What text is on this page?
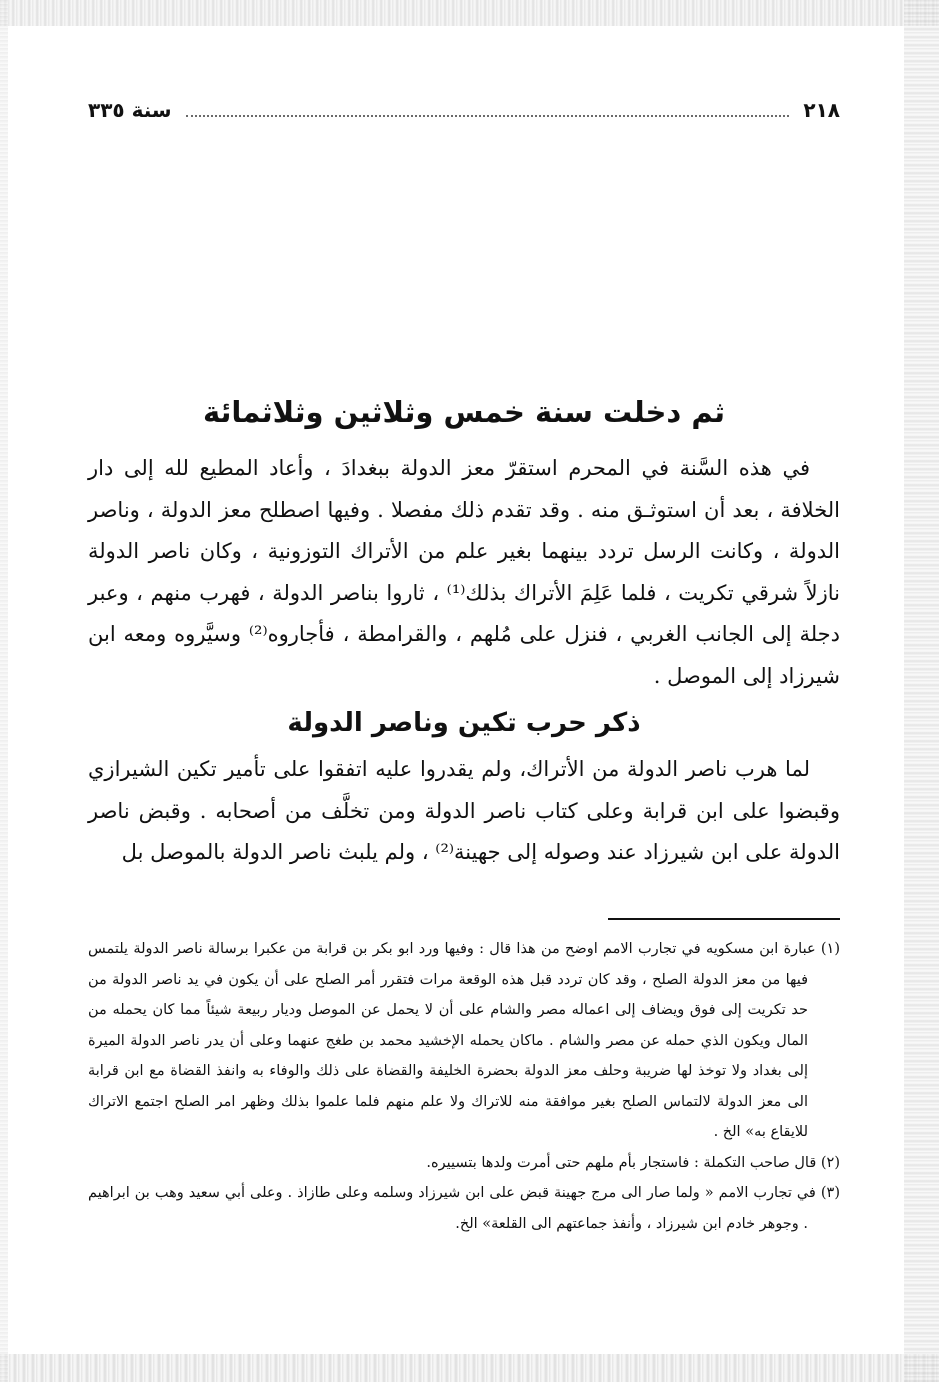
٢١٨
سنة ٣٣٥
ثم دخلت سنة خمس وثلاثين وثلاثمائة

في هذه السَّنة في المحرم استقرّ معز الدولة ببغدادَ ، وأعاد المطيع لله إلى دار الخلافة ، بعد أن استوثـق منه . وقد تقدم ذلك مفصلا . وفيها اصطلح معز الدولة ، وناصر الدولة ، وكانت الرسل تردد بينهما بغير علم من الأتراك التوزونية ، وكان ناصر الدولة نازلاً شرقي تكريت ، فلما عَلِمَ الأتراك بذلك⁽¹⁾ ، ثاروا بناصر الدولة ، فهرب منهم ، وعبر دجلة إلى الجانب الغربي ، فنزل على مُلهم ، والقرامطة ، فأجاروه⁽²⁾ وسيَّروه ومعه ابن شيرزاد إلى الموصل .

ذكر حرب تكين وناصر الدولة

لما هرب ناصر الدولة من الأتراك، ولم يقدروا عليه اتفقوا على تأمير تكين الشيرازي وقبضوا على ابن قرابة وعلى كتاب ناصر الدولة ومن تخلَّف من أصحابه . وقبض ناصر الدولة على ابن شيرزاد عند وصوله إلى جهينة⁽²⁾ ، ولم يلبث ناصر الدولة بالموصل بل

(١) عبارة ابن مسكويه في تجارب الامم اوضح من هذا قال : وفيها ورد ابو بكر بن قرابة من عكبرا برسالة ناصر الدولة يلتمس فيها من معز الدولة الصلح ، وقد كان تردد قبل هذه الوقعة مرات فتقرر أمر الصلح على أن يكون في يد ناصر الدولة من حد تكريت إلى فوق ويضاف إلى اعماله مصر والشام على أن لا يحمل عن الموصل وديار ربيعة شيئاً مما كان يحمله من المال ويكون الذي حمله عن مصر والشام . ماكان يحمله الإخشيد محمد بن طغج عنهما وعلى أن يدر ناصر الدولة الميرة إلى بغداد ولا توخذ لها ضريبة وحلف معز الدولة بحضرة الخليفة والقضاة على ذلك والوفاء به وانفذ القضاة مع ابن قرابة الى معز الدولة لالتماس الصلح بغير موافقة منه للاتراك ولا علم منهم فلما علموا بذلك وظهر امر الصلح اجتمع الاتراك للايقاع به» الخ .

(٢) قال صاحب التكملة : فاستجار بأم ملهم حتى أمرت ولدها بتسييره.

(٣) في تجارب الامم « ولما صار الى مرج جهينة قبض على ابن شيرزاد وسلمه وعلى طازاذ . وعلى أبي سعيد وهب بن ابراهيم . وجوهر خادم ابن شيرزاد ، وأنفذ جماعتهم الى القلعة» الخ.
